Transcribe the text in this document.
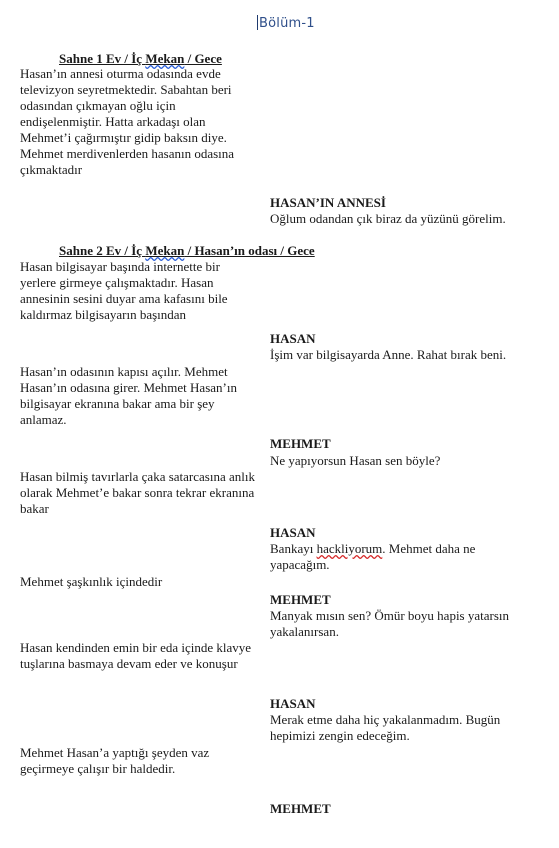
Bölüm-1
Sahne 1 Ev / İç Mekan / Gece
Hasan’ın annesi oturma odasında evde televizyon seyretmektedir. Sabahtan beri odasından çıkmayan oğlu için endişelenmiştir. Hatta arkadaşı olan Mehmet’i çağırmıştır gidip baksın diye. Mehmet merdivenlerden hasanın odasına çıkmaktadır
HASAN’IN ANNESİ
Oğlum odandan çık biraz da yüzünü görelim.
Sahne 2 Ev / İç Mekan / Hasan’ın odası / Gece
Hasan bilgisayar başında internette bir yerlere girmeye çalışmaktadır. Hasan annesinin sesini duyar ama kafasını bile kaldırmaz bilgisayarın başından
HASAN
İşim var bilgisayarda Anne. Rahat bırak beni.
Hasan’ın odasının kapısı açılır. Mehmet Hasan’ın odasına girer. Mehmet Hasan’ın bilgisayar ekranına bakar ama bir şey anlamaz.
MEHMET
Ne yapıyorsun Hasan sen böyle?
Hasan bilmiş tavırlarla çaka satarcasına anlık olarak Mehmet’e bakar sonra tekrar ekranına bakar
HASAN
Bankayı hackliyorum. Mehmet daha ne yapacağım.
Mehmet şaşkınlık içindedir
MEHMET
Manyak mısın sen? Ömür boyu hapis yatarsın yakalanırsan.
Hasan kendinden emin bir eda içinde klavye tuşlarına basmaya devam eder ve konuşur
HASAN
Merak etme daha hiç yakalanmadım. Bugün hepimizi zengin edeceğim.
Mehmet Hasan’a yaptığı şeyden vaz geçirmeye çalışır bir haldedir.
MEHMET
